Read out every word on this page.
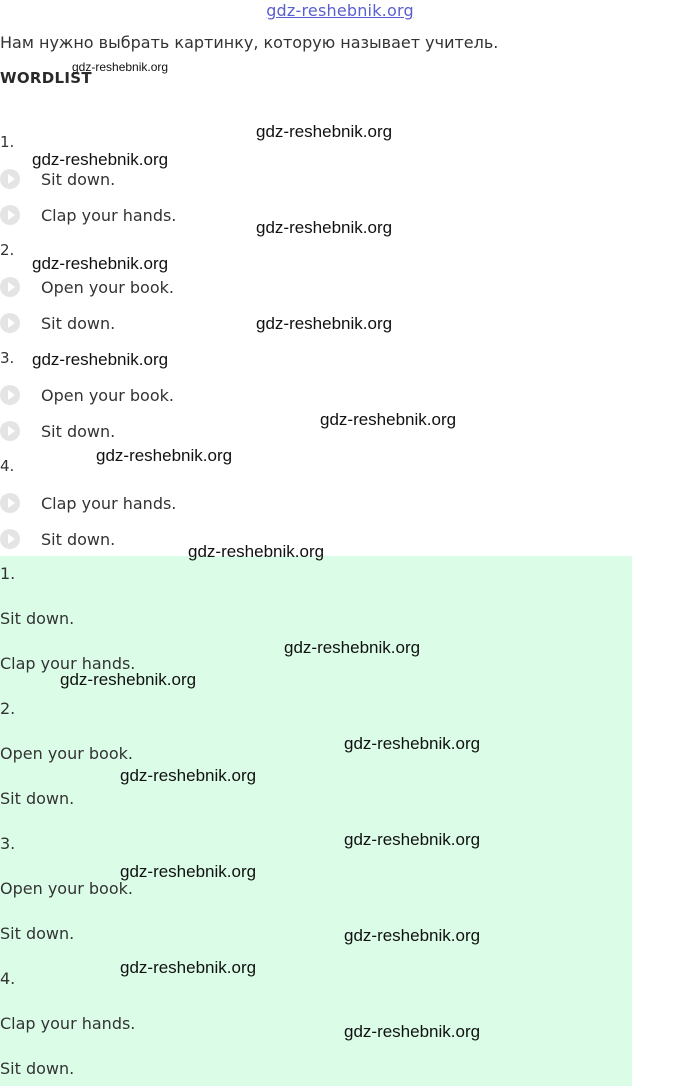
gdz-reshebnik.org
Нам нужно выбрать картинку, которую называет учитель.
WORDLIST
1.
Sit down.
Clap your hands.
2.
Open your book.
Sit down.
3.
Open your book.
Sit down.
4.
Clap your hands.
Sit down.
1.
Sit down.
Clap your hands.
2.
Open your book.
Sit down.
3.
Open your book.
Sit down.
4.
Clap your hands.
Sit down.
gdz-reshebnik.org
gdz-reshebnik.org
gdz-reshebnik.org
gdz-reshebnik.org
gdz-reshebnik.org
gdz-reshebnik.org
gdz-reshebnik.org
gdz-reshebnik.org
gdz-reshebnik.org
gdz-reshebnik.org
gdz-reshebnik.org
gdz-reshebnik.org
gdz-reshebnik.org
gdz-reshebnik.org
gdz-reshebnik.org
gdz-reshebnik.org
gdz-reshebnik.org
gdz-reshebnik.org
gdz-reshebnik.org
